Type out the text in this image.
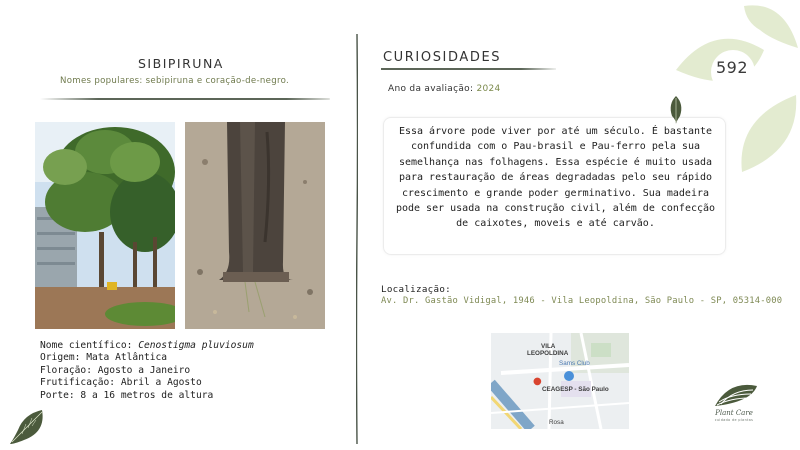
SIBIPIRUNA
Nomes populares: sebipiruna e coração-de-negro.
Nome científico: Cenostigma pluviosum
Origem: Mata Atlântica
Floração: Agosto a Janeiro
Frutificação: Abril a Agosto
Porte: 8 a 16 metros de altura
CURIOSIDADES
Ano da avaliação: 2024
Essa árvore pode viver por até um século. É bastante confundida com o Pau-brasil e Pau-ferro pela sua semelhança nas folhagens. Essa espécie é muito usada para restauração de áreas degradadas pelo seu rápido crescimento e grande poder germinativo. Sua madeira pode ser usada na construção civil, além de confecção de caixotes, moveis e até carvão.
Localização:
Av. Dr. Gastão Vidigal, 1946 - Vila Leopoldina, São Paulo - SP, 05314-000
VILA
LEOPOLDINA
Sams Club
●
CEAGESP - São Paulo
Rosa
592
Plant Care
cuidado de plantas
